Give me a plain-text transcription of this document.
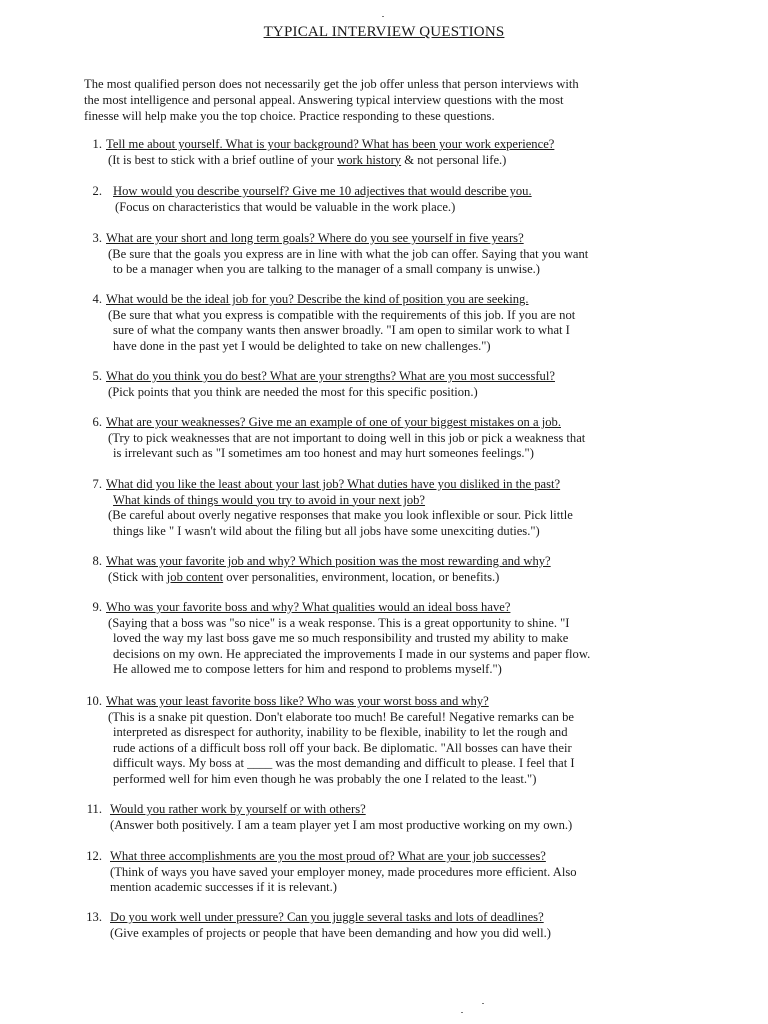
TYPICAL INTERVIEW QUESTIONS
The most qualified person does not necessarily get the job offer unless that person interviews with
the most intelligence and personal appeal. Answering typical interview questions with the most
finesse will help make you the top choice. Practice responding to these questions.
1. Tell me about yourself. What is your background? What has been your work experience?
(It is best to stick with a brief outline of your work history & not personal life.)
2. How would you describe yourself? Give me 10 adjectives that would describe you.
(Focus on characteristics that would be valuable in the work place.)
3. What are your short and long term goals? Where do you see yourself in five years?
(Be sure that the goals you express are in line with what the job can offer. Saying that you want
to be a manager when you are talking to the manager of a small company is unwise.)
4. What would be the ideal job for you? Describe the kind of position you are seeking.
(Be sure that what you express is compatible with the requirements of this job. If you are not
sure of what the company wants then answer broadly. "I am open to similar work to what I
have done in the past yet I would be delighted to take on new challenges.")
5. What do you think you do best? What are your strengths? What are you most successful?
(Pick points that you think are needed the most for this specific position.)
6. What are your weaknesses? Give me an example of one of your biggest mistakes on a job.
(Try to pick weaknesses that are not important to doing well in this job or pick a weakness that
is irrelevant such as "I sometimes am too honest and may hurt someones feelings.")
7. What did you like the least about your last job? What duties have you disliked in the past?
What kinds of things would you try to avoid in your next job?
(Be careful about overly negative responses that make you look inflexible or sour. Pick little
things like " I wasn't wild about the filing but all jobs have some unexciting duties.")
8. What was your favorite job and why? Which position was the most rewarding and why?
(Stick with job content over personalities, environment, location, or benefits.)
9. Who was your favorite boss and why? What qualities would an ideal boss have?
(Saying that a boss was "so nice" is a weak response. This is a great opportunity to shine. "I
loved the way my last boss gave me so much responsibility and trusted my ability to make
decisions on my own. He appreciated the improvements I made in our systems and paper flow.
He allowed me to compose letters for him and respond to problems myself.")
10. What was your least favorite boss like? Who was your worst boss and why?
(This is a snake pit question. Don't elaborate too much! Be careful! Negative remarks can be
interpreted as disrespect for authority, inability to be flexible, inability to let the rough and
rude actions of a difficult boss roll off your back. Be diplomatic. "All bosses can have their
difficult ways. My boss at ____ was the most demanding and difficult to please. I feel that I
performed well for him even though he was probably the one I related to the least.")
11. Would you rather work by yourself or with others?
(Answer both positively. I am a team player yet I am most productive working on my own.)
12. What three accomplishments are you the most proud of? What are your job successes?
(Think of ways you have saved your employer money, made procedures more efficient. Also
mention academic successes if it is relevant.)
13. Do you work well under pressure? Can you juggle several tasks and lots of deadlines?
(Give examples of projects or people that have been demanding and how you did well.)
